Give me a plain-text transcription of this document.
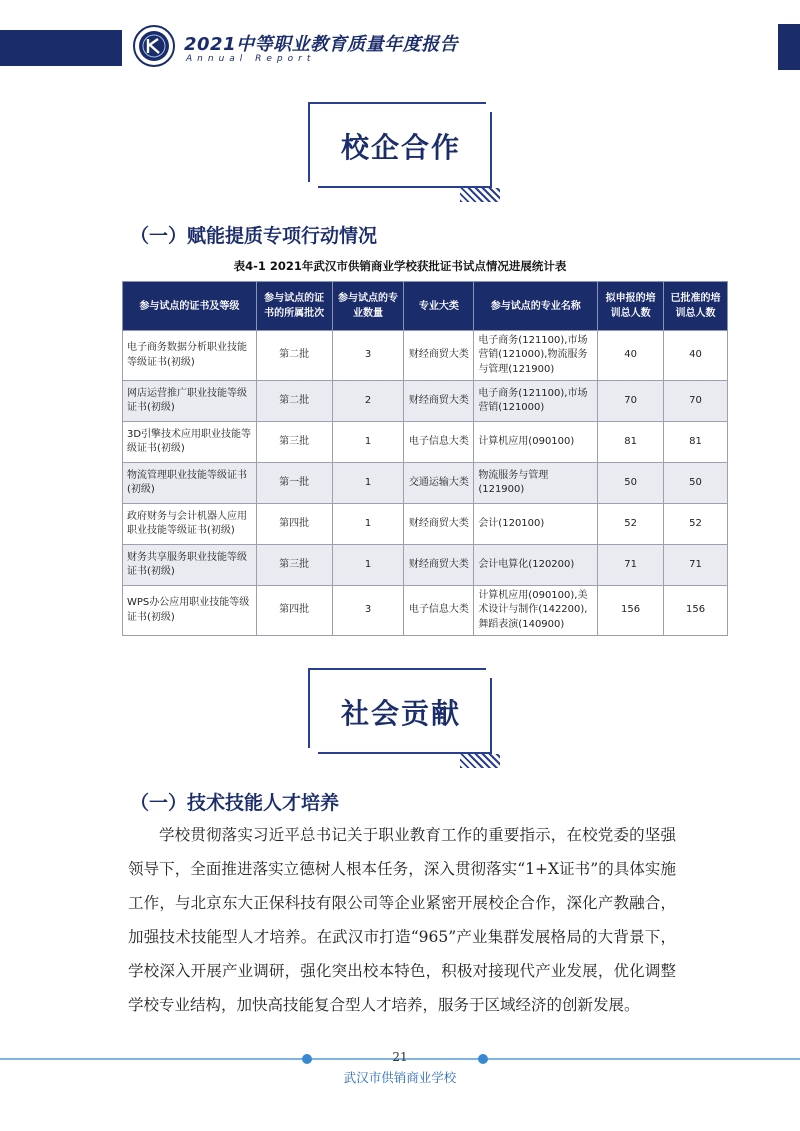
2021中等职业教育质量年度报告
Annual Report
校企合作
（一）赋能提质专项行动情况
表4-1 2021年武汉市供销商业学校获批证书试点情况进展统计表
参与试点的证书及等级	参与试点的证书的所属批次	参与试点的专业数量	专业大类	参与试点的专业名称	拟申报的培训总人数	已批准的培训总人数
电子商务数据分析职业技能等级证书(初级)	第二批	3	财经商贸大类	电子商务(121100),市场营销(121000),物流服务与管理(121900)	40	40
网店运营推广职业技能等级证书(初级)	第二批	2	财经商贸大类	电子商务(121100),市场营销(121000)	70	70
3D引擎技术应用职业技能等级证书(初级)	第三批	1	电子信息大类	计算机应用(090100)	81	81
物流管理职业技能等级证书(初级)	第一批	1	交通运输大类	物流服务与管理(121900)	50	50
政府财务与会计机器人应用职业技能等级证书(初级)	第四批	1	财经商贸大类	会计(120100)	52	52
财务共享服务职业技能等级证书(初级)	第三批	1	财经商贸大类	会计电算化(120200)	71	71
WPS办公应用职业技能等级证书(初级)	第四批	3	电子信息大类	计算机应用(090100),美术设计与制作(142200),舞蹈表演(140900)	156	156
社会贡献
（一）技术技能人才培养

学校贯彻落实习近平总书记关于职业教育工作的重要指示，在校党委的坚强领导下，全面推进落实立德树人根本任务，深入贯彻落实“1+X证书”的具体实施工作，与北京东大正保科技有限公司等企业紧密开展校企合作，深化产教融合，加强技术技能型人才培养。在武汉市打造“965”产业集群发展格局的大背景下，学校深入开展产业调研，强化突出校本特色，积极对接现代产业发展，优化调整学校专业结构，加快高技能复合型人才培养，服务于区域经济的创新发展。

21
武汉市供销商业学校
